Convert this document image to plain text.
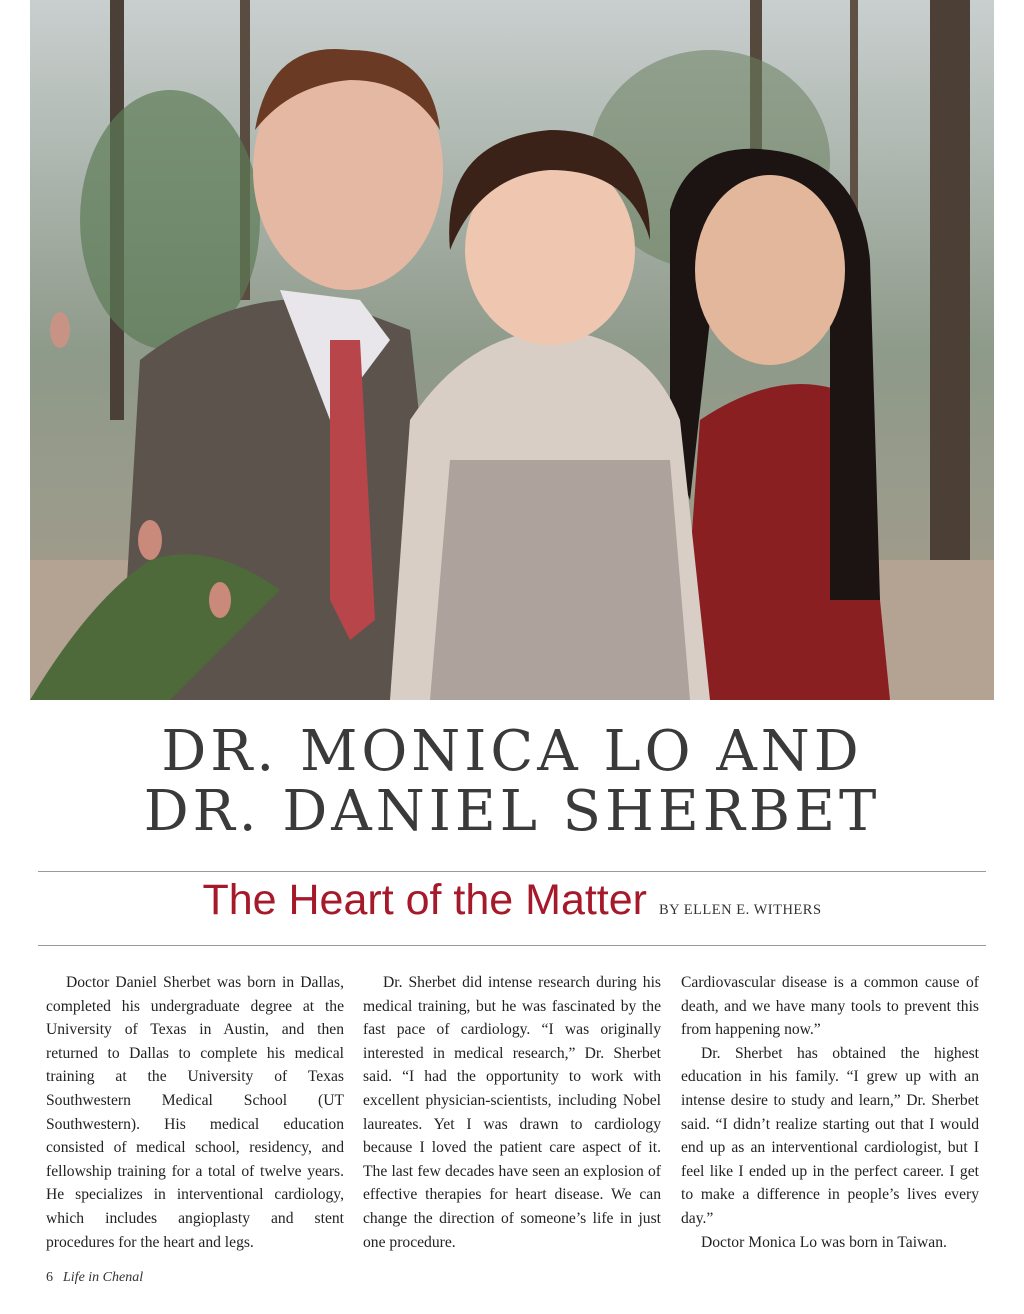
DR. MONICA LO AND
DR. DANIEL SHERBET
The Heart of the Matter BY ELLEN E. WITHERS

Doctor Daniel Sherbet was born in Dallas, completed his undergraduate degree at the University of Texas in Austin, and then returned to Dallas to complete his medical training at the University of Texas Southwestern Medical School (UT Southwestern). His medical education consisted of medical school, residency, and fellowship training for a total of twelve years. He specializes in interventional cardiology, which includes angioplasty and stent procedures for the heart and legs.

Dr. Sherbet did intense research during his medical training, but he was fascinated by the fast pace of cardiology. “I was originally interested in medical research,” Dr. Sherbet said. “I had the opportunity to work with excellent physician-scientists, including Nobel laureates. Yet I was drawn to cardiology because I loved the patient care aspect of it. The last few decades have seen an explosion of effective therapies for heart disease. We can change the direction of someone’s life in just one procedure.

Cardiovascular disease is a common cause of death, and we have many tools to prevent this from happening now.”

Dr. Sherbet has obtained the highest education in his family. “I grew up with an intense desire to study and learn,” Dr. Sherbet said. “I didn’t realize starting out that I would end up as an interventional cardiologist, but I feel like I ended up in the perfect career. I get to make a difference in people’s lives every day.”

Doctor Monica Lo was born in Taiwan.

6 Life in Chenal
